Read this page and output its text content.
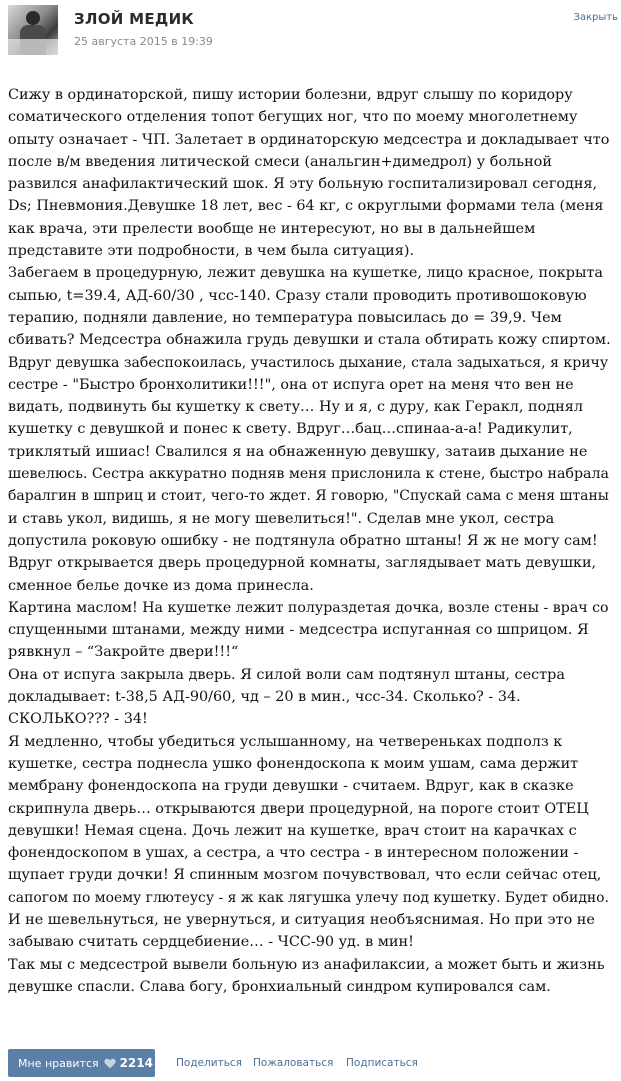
ЗЛОЙ МЕДИК
25 августа 2015 в 19:39
Закрыть
Сижу в ординаторской, пишу истории болезни, вдруг слышу по коридору
соматического отделения топот бегущих ног, что по моему многолетнему
опыту означает - ЧП. Залетает в ординаторскую медсестра и докладывает что
после в/м введения литической смеси (анальгин+димедрол) у больной
развился анафилактический шок. Я эту больную госпитализировал сегодня,
Ds; Пневмония.Девушке 18 лет, вес - 64 кг, с округлыми формами тела (меня
как врача, эти прелести вообще не интересуют, но вы в дальнейшем
представите эти подробности, в чем была ситуация).
Забегаем в процедурную, лежит девушка на кушетке, лицо красное, покрыта
сыпью, t=39.4, АД-60/30 , чсс-140. Сразу стали проводить противошоковую
терапию, подняли давление, но температура повысилась до = 39,9. Чем
сбивать? Медсестра обнажила грудь девушки и стала обтирать кожу спиртом.
Вдруг девушка забеспокоилась, участилось дыхание, стала задыхаться, я кричу
сестре - "Быстро бронхолитики!!!", она от испуга орет на меня что вен не
видать, подвинуть бы кушетку к свету… Ну и я, с дуру, как Геракл, поднял
кушетку с девушкой и понес к свету. Вдруг…бац…спинаа-а-а! Радикулит,
триклятый ишиас! Свалился я на обнаженную девушку, затаив дыхание не
шевелюсь. Сестра аккуратно подняв меня прислонила к стене, быстро набрала
баралгин в шприц и стоит, чего-то ждет. Я говорю, "Спускай сама с меня штаны
и ставь укол, видишь, я не могу шевелиться!". Сделав мне укол, сестра
допустила роковую ошибку - не подтянула обратно штаны! Я ж не могу сам!
Вдруг открывается дверь процедурной комнаты, заглядывает мать девушки,
сменное белье дочке из дома принесла.
Картина маслом! На кушетке лежит полураздетая дочка, возле стены - врач со
спущенными штанами, между ними - медсестра испуганная со шприцом. Я
рявкнул – “Закройте двери!!!“
Она от испуга закрыла дверь. Я силой воли сам подтянул штаны, сестра
докладывает: t-38,5 АД-90/60, чд – 20 в мин., чсс-34. Сколько? - 34.
СКОЛЬКО??? - 34!
Я медленно, чтобы убедиться услышанному, на четвереньках подполз к
кушетке, сестра поднесла ушко фонендоскопа к моим ушам, сама держит
мембрану фонендоскопа на груди девушки - считаем. Вдруг, как в сказке
скрипнула дверь… открываются двери процедурной, на пороге стоит ОТЕЦ
девушки! Немая сцена. Дочь лежит на кушетке, врач стоит на карачках с
фонендоскопом в ушах, а сестра, а что сестра - в интересном положении -
щупает груди дочки! Я спинным мозгом почувствовал, что если сейчас отец,
сапогом по моему глютеусу - я ж как лягушка улечу под кушетку. Будет обидно.
И не шевельнуться, не увернуться, и ситуация необъяснимая. Но при это не
забываю считать сердцебиение… - ЧСС-90 уд. в мин!
Так мы с медсестрой вывели больную из анафилаксии, а может быть и жизнь
девушке спасли. Слава богу, бронхиальный синдром купировался сам.
Мне нравится 2214 Поделиться Пожаловаться Подписаться
